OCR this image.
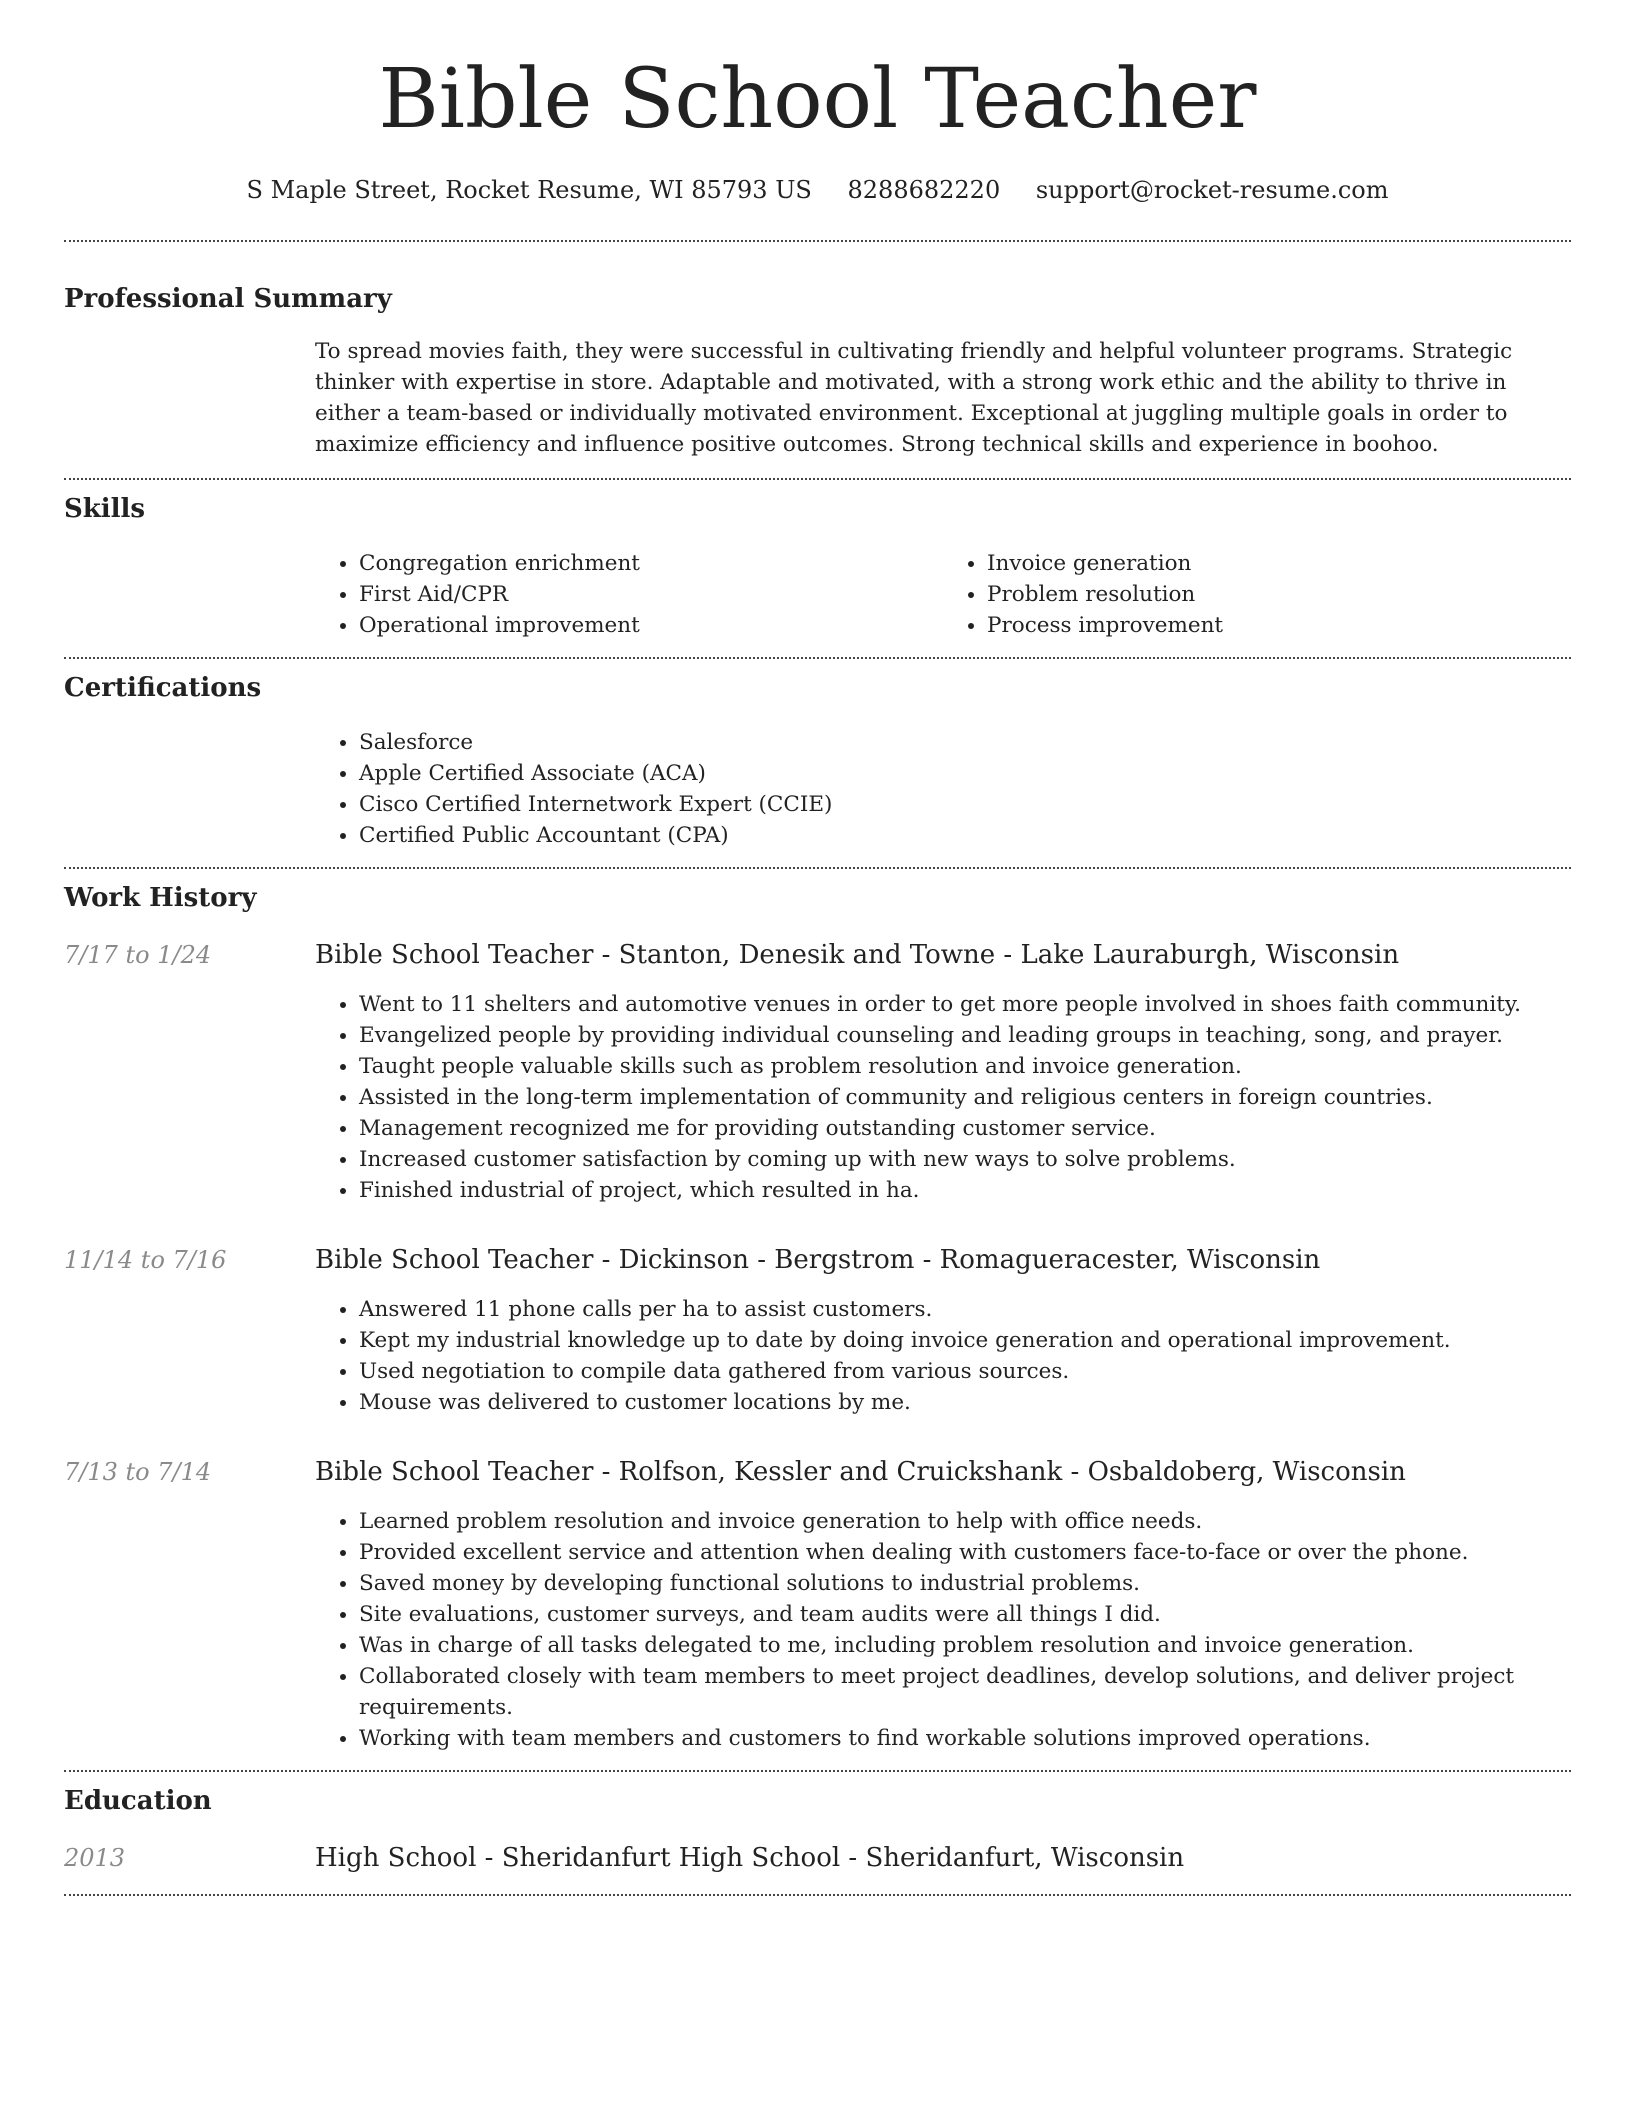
Bible School Teacher
S Maple Street, Rocket Resume, WI 85793 US 8288682220 support@rocket-resume.com
Professional Summary
To spread movies faith, they were successful in cultivating friendly and helpful volunteer programs. Strategic thinker with expertise in store. Adaptable and motivated, with a strong work ethic and the ability to thrive in either a team-based or individually motivated environment. Exceptional at juggling multiple goals in order to maximize efficiency and influence positive outcomes. Strong technical skills and experience in boohoo.
Skills
• Congregation enrichment
• First Aid/CPR
• Operational improvement
• Invoice generation
• Problem resolution
• Process improvement
Certifications
• Salesforce
• Apple Certified Associate (ACA)
• Cisco Certified Internetwork Expert (CCIE)
• Certified Public Accountant (CPA)
Work History
7/17 to 1/24	Bible School Teacher - Stanton, Denesik and Towne - Lake Lauraburgh, Wisconsin
• Went to 11 shelters and automotive venues in order to get more people involved in shoes faith community.
• Evangelized people by providing individual counseling and leading groups in teaching, song, and prayer.
• Taught people valuable skills such as problem resolution and invoice generation.
• Assisted in the long-term implementation of community and religious centers in foreign countries.
• Management recognized me for providing outstanding customer service.
• Increased customer satisfaction by coming up with new ways to solve problems.
• Finished industrial of project, which resulted in ha.
11/14 to 7/16	Bible School Teacher - Dickinson - Bergstrom - Romagueracester, Wisconsin
• Answered 11 phone calls per ha to assist customers.
• Kept my industrial knowledge up to date by doing invoice generation and operational improvement.
• Used negotiation to compile data gathered from various sources.
• Mouse was delivered to customer locations by me.
7/13 to 7/14	Bible School Teacher - Rolfson, Kessler and Cruickshank - Osbaldoberg, Wisconsin
• Learned problem resolution and invoice generation to help with office needs.
• Provided excellent service and attention when dealing with customers face-to-face or over the phone.
• Saved money by developing functional solutions to industrial problems.
• Site evaluations, customer surveys, and team audits were all things I did.
• Was in charge of all tasks delegated to me, including problem resolution and invoice generation.
• Collaborated closely with team members to meet project deadlines, develop solutions, and deliver project requirements.
• Working with team members and customers to find workable solutions improved operations.
Education
2013	High School - Sheridanfurt High School - Sheridanfurt, Wisconsin
